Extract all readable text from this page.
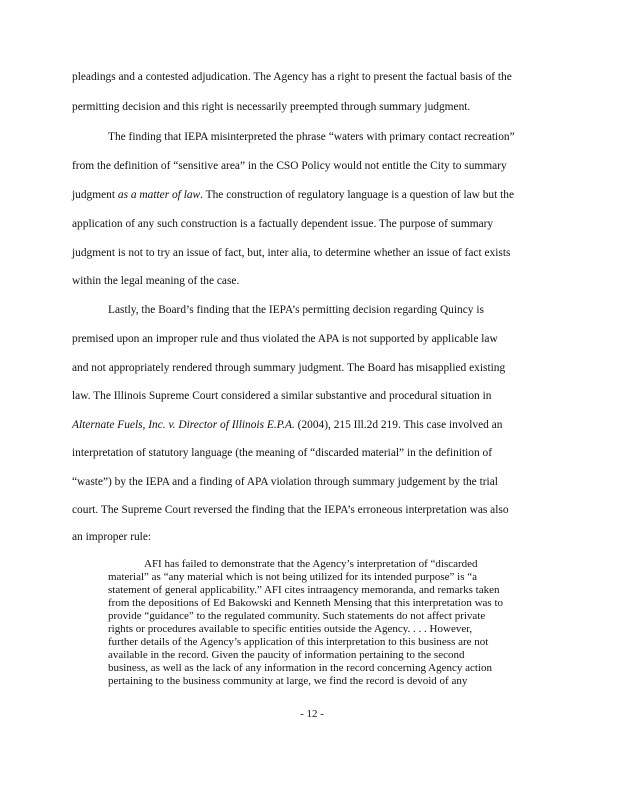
pleadings and a contested adjudication. The Agency has a right to present the factual basis of the
permitting decision and this right is necessarily preempted through summary judgment.
The finding that IEPA misinterpreted the phrase “waters with primary contact recreation”
from the definition of “sensitive area” in the CSO Policy would not entitle the City to summary
judgment as a matter of law. The construction of regulatory language is a question of law but the
application of any such construction is a factually dependent issue. The purpose of summary
judgment is not to try an issue of fact, but, inter alia, to determine whether an issue of fact exists
within the legal meaning of the case.
Lastly, the Board’s finding that the IEPA’s permitting decision regarding Quincy is
premised upon an improper rule and thus violated the APA is not supported by applicable law
and not appropriately rendered through summary judgment. The Board has misapplied existing
law. The Illinois Supreme Court considered a similar substantive and procedural situation in
Alternate Fuels, Inc. v. Director of Illinois E.P.A. (2004), 215 Ill.2d 219. This case involved an
interpretation of statutory language (the meaning of “discarded material” in the definition of
“waste”) by the IEPA and a finding of APA violation through summary judgement by the trial
court. The Supreme Court reversed the finding that the IEPA’s erroneous interpretation was also
an improper rule:
AFI has failed to demonstrate that the Agency’s interpretation of “discarded
material” as “any material which is not being utilized for its intended purpose” is “a
statement of general applicability.” AFI cites intraagency memoranda, and remarks taken
from the depositions of Ed Bakowski and Kenneth Mensing that this interpretation was to
provide “guidance” to the regulated community. Such statements do not affect private
rights or procedures available to specific entities outside the Agency. . . . However,
further details of the Agency’s application of this interpretation to this business are not
available in the record. Given the paucity of information pertaining to the second
business, as well as the lack of any information in the record concerning Agency action
pertaining to the business community at large, we find the record is devoid of any
- 12 -
